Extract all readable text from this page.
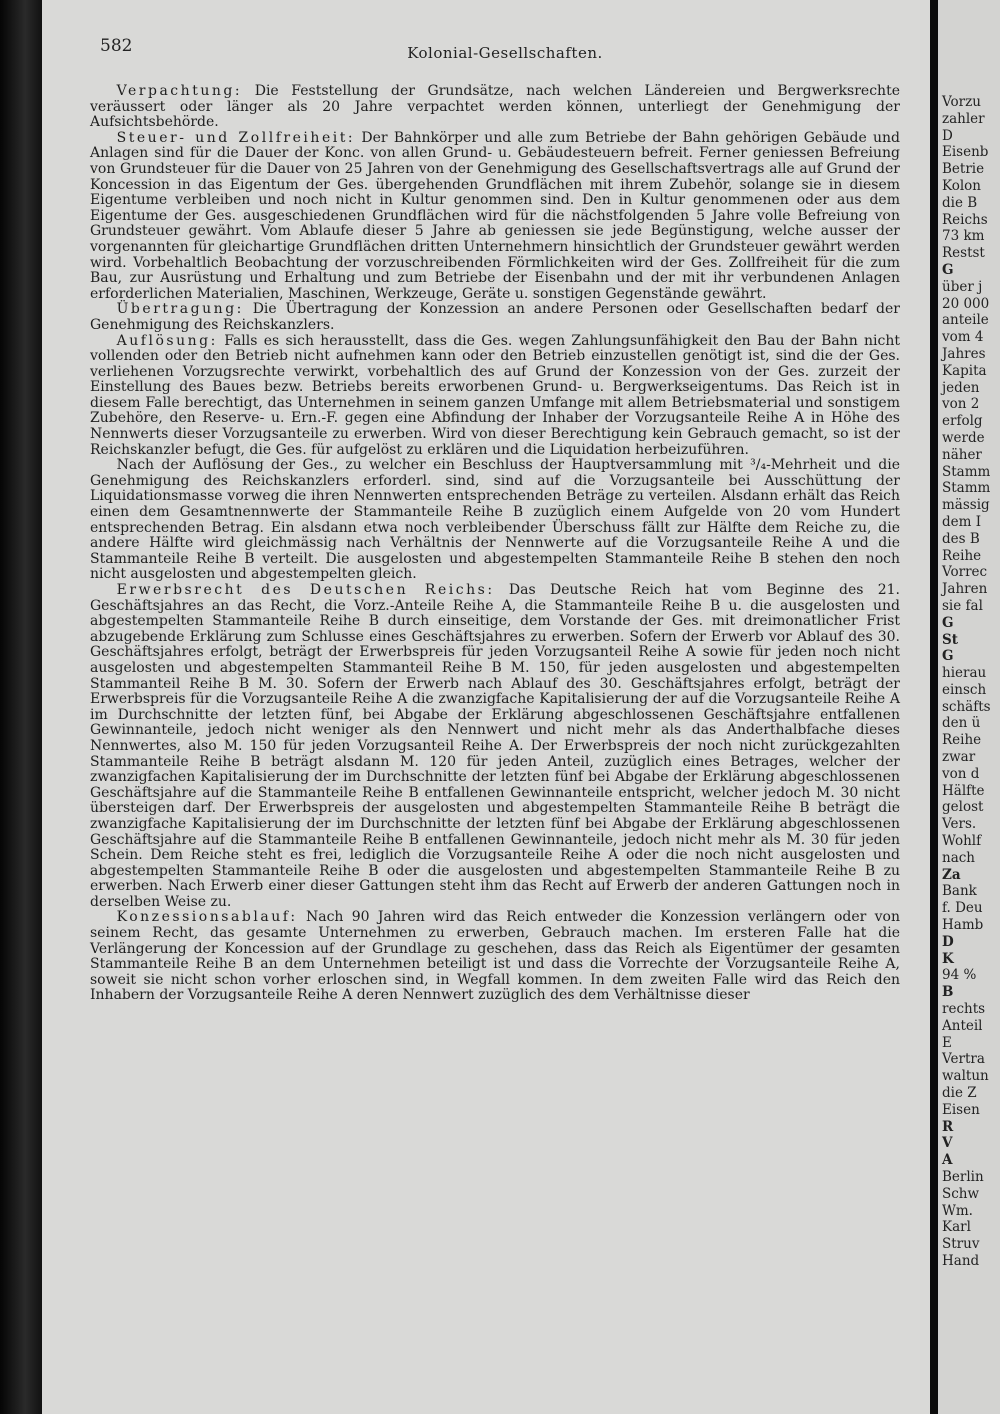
582	Kolonial-Gesellschaften.

Verpachtung: Die Feststellung der Grundsätze, nach welchen Ländereien und Bergwerksrechte veräussert oder länger als 20 Jahre verpachtet werden können, unterliegt der Genehmigung der Aufsichtsbehörde.

Steuer- und Zollfreiheit: Der Bahnkörper und alle zum Betriebe der Bahn gehörigen Gebäude und Anlagen sind für die Dauer der Konc. von allen Grund- u. Gebäudesteuern befreit. Ferner geniessen Befreiung von Grundsteuer für die Dauer von 25 Jahren von der Genehmigung des Gesellschaftsvertrags alle auf Grund der Koncession in das Eigentum der Ges. übergehenden Grundflächen mit ihrem Zubehör, solange sie in diesem Eigentume verbleiben und noch nicht in Kultur genommen sind. Den in Kultur genommenen oder aus dem Eigentume der Ges. ausgeschiedenen Grundflächen wird für die nächstfolgenden 5 Jahre volle Befreiung von Grundsteuer gewährt. Vom Ablaufe dieser 5 Jahre ab geniessen sie jede Begünstigung, welche ausser der vorgenannten für gleichartige Grundflächen dritten Unternehmern hinsichtlich der Grundsteuer gewährt werden wird. Vorbehaltlich Beobachtung der vorzuschreibenden Förmlichkeiten wird der Ges. Zollfreiheit für die zum Bau, zur Ausrüstung und Erhaltung und zum Betriebe der Eisenbahn und der mit ihr verbundenen Anlagen erforderlichen Materialien, Maschinen, Werkzeuge, Geräte u. sonstigen Gegenstände gewährt.

Übertragung: Die Übertragung der Konzession an andere Personen oder Gesellschaften bedarf der Genehmigung des Reichskanzlers.

Auflösung: Falls es sich herausstellt, dass die Ges. wegen Zahlungsunfähigkeit den Bau der Bahn nicht vollenden oder den Betrieb nicht aufnehmen kann oder den Betrieb einzustellen genötigt ist, sind die der Ges. verliehenen Vorzugsrechte verwirkt, vorbehaltlich des auf Grund der Konzession von der Ges. zurzeit der Einstellung des Baues bezw. Betriebs bereits erworbenen Grund- u. Bergwerkseigentums. Das Reich ist in diesem Falle berechtigt, das Unternehmen in seinem ganzen Umfange mit allem Betriebsmaterial und sonstigem Zubehöre, den Reserve- u. Ern.-F. gegen eine Abfindung der Inhaber der Vorzugsanteile Reihe A in Höhe des Nennwerts dieser Vorzugsanteile zu erwerben. Wird von dieser Berechtigung kein Gebrauch gemacht, so ist der Reichskanzler befugt, die Ges. für aufgelöst zu erklären und die Liquidation herbeizuführen.

Nach der Auflösung der Ges., zu welcher ein Beschluss der Hauptversammlung mit ³/₄-Mehrheit und die Genehmigung des Reichskanzlers erforderl. sind, sind auf die Vorzugsanteile bei Ausschüttung der Liquidationsmasse vorweg die ihren Nennwerten entsprechenden Beträge zu verteilen. Alsdann erhält das Reich einen dem Gesamtnennwerte der Stammanteile Reihe B zuzüglich einem Aufgelde von 20 vom Hundert entsprechenden Betrag. Ein alsdann etwa noch verbleibender Überschuss fällt zur Hälfte dem Reiche zu, die andere Hälfte wird gleichmässig nach Verhältnis der Nennwerte auf die Vorzugsanteile Reihe A und die Stammanteile Reihe B verteilt. Die ausgelosten und abgestempelten Stammanteile Reihe B stehen den noch nicht ausgelosten und abgestempelten gleich.

Erwerbsrecht des Deutschen Reichs: Das Deutsche Reich hat vom Beginne des 21. Geschäftsjahres an das Recht, die Vorz.-Anteile Reihe A, die Stammanteile Reihe B u. die ausgelosten und abgestempelten Stammanteile Reihe B durch einseitige, dem Vorstande der Ges. mit dreimonatlicher Frist abzugebende Erklärung zum Schlusse eines Geschäftsjahres zu erwerben. Sofern der Erwerb vor Ablauf des 30. Geschäftsjahres erfolgt, beträgt der Erwerbspreis für jeden Vorzugsanteil Reihe A sowie für jeden noch nicht ausgelosten und abgestempelten Stammanteil Reihe B M. 150, für jeden ausgelosten und abgestempelten Stammanteil Reihe B M. 30. Sofern der Erwerb nach Ablauf des 30. Geschäftsjahres erfolgt, beträgt der Erwerbspreis für die Vorzugsanteile Reihe A die zwanzigfache Kapitalisierung der auf die Vorzugsanteile Reihe A im Durchschnitte der letzten fünf, bei Abgabe der Erklärung abgeschlossenen Geschäftsjahre entfallenen Gewinnanteile, jedoch nicht weniger als den Nennwert und nicht mehr als das Anderthalbfache dieses Nennwertes, also M. 150 für jeden Vorzugsanteil Reihe A. Der Erwerbspreis der noch nicht zurückgezahlten Stammanteile Reihe B beträgt alsdann M. 120 für jeden Anteil, zuzüglich eines Betrages, welcher der zwanzigfachen Kapitalisierung der im Durchschnitte der letzten fünf bei Abgabe der Erklärung abgeschlossenen Geschäftsjahre auf die Stammanteile Reihe B entfallenen Gewinnanteile entspricht, welcher jedoch M. 30 nicht übersteigen darf. Der Erwerbspreis der ausgelosten und abgestempelten Stammanteile Reihe B beträgt die zwanzigfache Kapitalisierung der im Durchschnitte der letzten fünf bei Abgabe der Erklärung abgeschlossenen Geschäftsjahre auf die Stammanteile Reihe B entfallenen Gewinnanteile, jedoch nicht mehr als M. 30 für jeden Schein. Dem Reiche steht es frei, lediglich die Vorzugsanteile Reihe A oder die noch nicht ausgelosten und abgestempelten Stammanteile Reihe B oder die ausgelosten und abgestempelten Stammanteile Reihe B zu erwerben. Nach Erwerb einer dieser Gattungen steht ihm das Recht auf Erwerb der anderen Gattungen noch in derselben Weise zu.

Konzessionsablauf: Nach 90 Jahren wird das Reich entweder die Konzession verlängern oder von seinem Recht, das gesamte Unternehmen zu erwerben, Gebrauch machen. Im ersteren Falle hat die Verlängerung der Koncession auf der Grundlage zu geschehen, dass das Reich als Eigentümer der gesamten Stammanteile Reihe B an dem Unternehmen beteiligt ist und dass die Vorrechte der Vorzugsanteile Reihe A, soweit sie nicht schon vorher erloschen sind, in Wegfall kommen. In dem zweiten Falle wird das Reich den Inhabern der Vorzugsanteile Reihe A deren Nennwert zuzüglich des dem Verhältnisse dieser

Vorzu
zahler
D
Eisenb
Betrie
Kolon
die B
Reichs
73 km
Restst
G
über j
20 000
anteile
vom 4
Jahres
Kapita
jeden
von 2
erfolg
werde
näher
Stamm
Stamm
mässig
dem I
des B
Reihe
Vorrec
Jahren
sie fal
G
St
G
hierau
einsch
schäfts
den ü
Reihe
zwar
von d
Hälfte
gelost
Vers.
Wohlf
nach
Za
Bank
f. Deu
Hamb
D
K
94 %
B
rechts
Anteil
E
Vertra
waltun
die Z
Eisen
R
V
A
Berlin
Schw
Wm.
Karl
Struv
Hand
